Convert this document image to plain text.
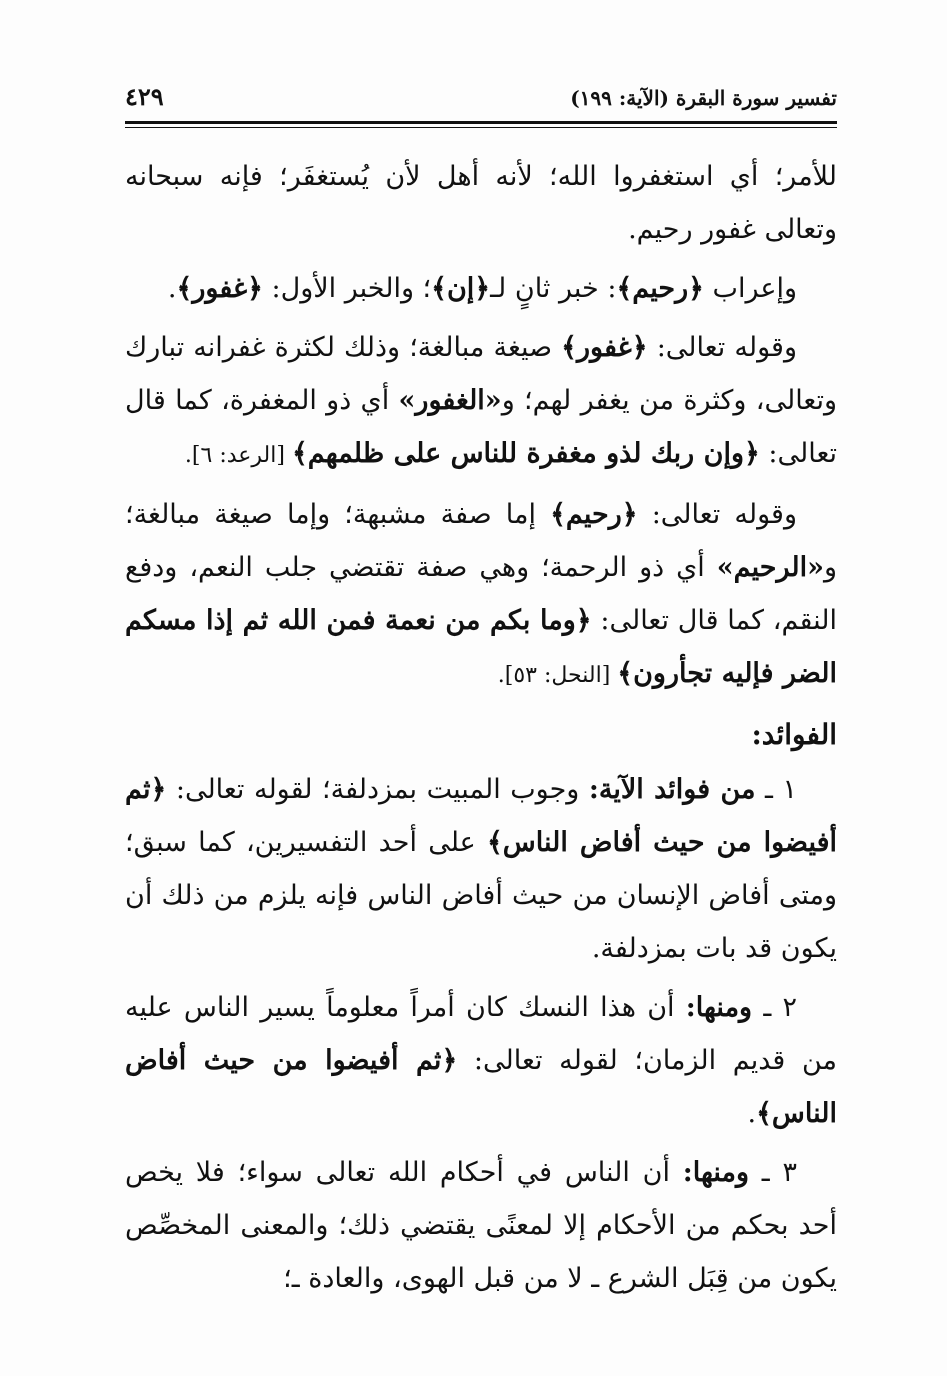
تفسير سورة البقرة (الآية: ١٩٩)
٤٢٩

للأمر؛ أي استغفروا الله؛ لأنه أهل لأن يُستغفَر؛ فإنه سبحانه وتعالى غفور رحيم.

وإعراب ﴿رحيم﴾: خبر ثانٍ لـ﴿إن﴾؛ والخبر الأول: ﴿غفور﴾.

وقوله تعالى: ﴿غفور﴾ صيغة مبالغة؛ وذلك لكثرة غفرانه تبارك وتعالى، وكثرة من يغفر لهم؛ و«الغفور» أي ذو المغفرة، كما قال تعالى: ﴿وإن ربك لذو مغفرة للناس على ظلمهم﴾ [الرعد: ٦].

وقوله تعالى: ﴿رحيم﴾ إما صفة مشبهة؛ وإما صيغة مبالغة؛ و«الرحيم» أي ذو الرحمة؛ وهي صفة تقتضي جلب النعم، ودفع النقم، كما قال تعالى: ﴿وما بكم من نعمة فمن الله ثم إذا مسكم الضر فإليه تجأرون﴾ [النحل: ٥٣].

الفوائد:

١ ـ من فوائد الآية: وجوب المبيت بمزدلفة؛ لقوله تعالى: ﴿ثم أفيضوا من حيث أفاض الناس﴾ على أحد التفسيرين، كما سبق؛ ومتى أفاض الإنسان من حيث أفاض الناس فإنه يلزم من ذلك أن يكون قد بات بمزدلفة.

٢ ـ ومنها: أن هذا النسك كان أمراً معلوماً يسير الناس عليه من قديم الزمان؛ لقوله تعالى: ﴿ثم أفيضوا من حيث أفاض الناس﴾.

٣ ـ ومنها: أن الناس في أحكام الله تعالى سواء؛ فلا يخص أحد بحكم من الأحكام إلا لمعنًى يقتضي ذلك؛ والمعنى المخصِّص يكون من قِبَل الشرع ـ لا من قبل الهوى، والعادة ـ؛
